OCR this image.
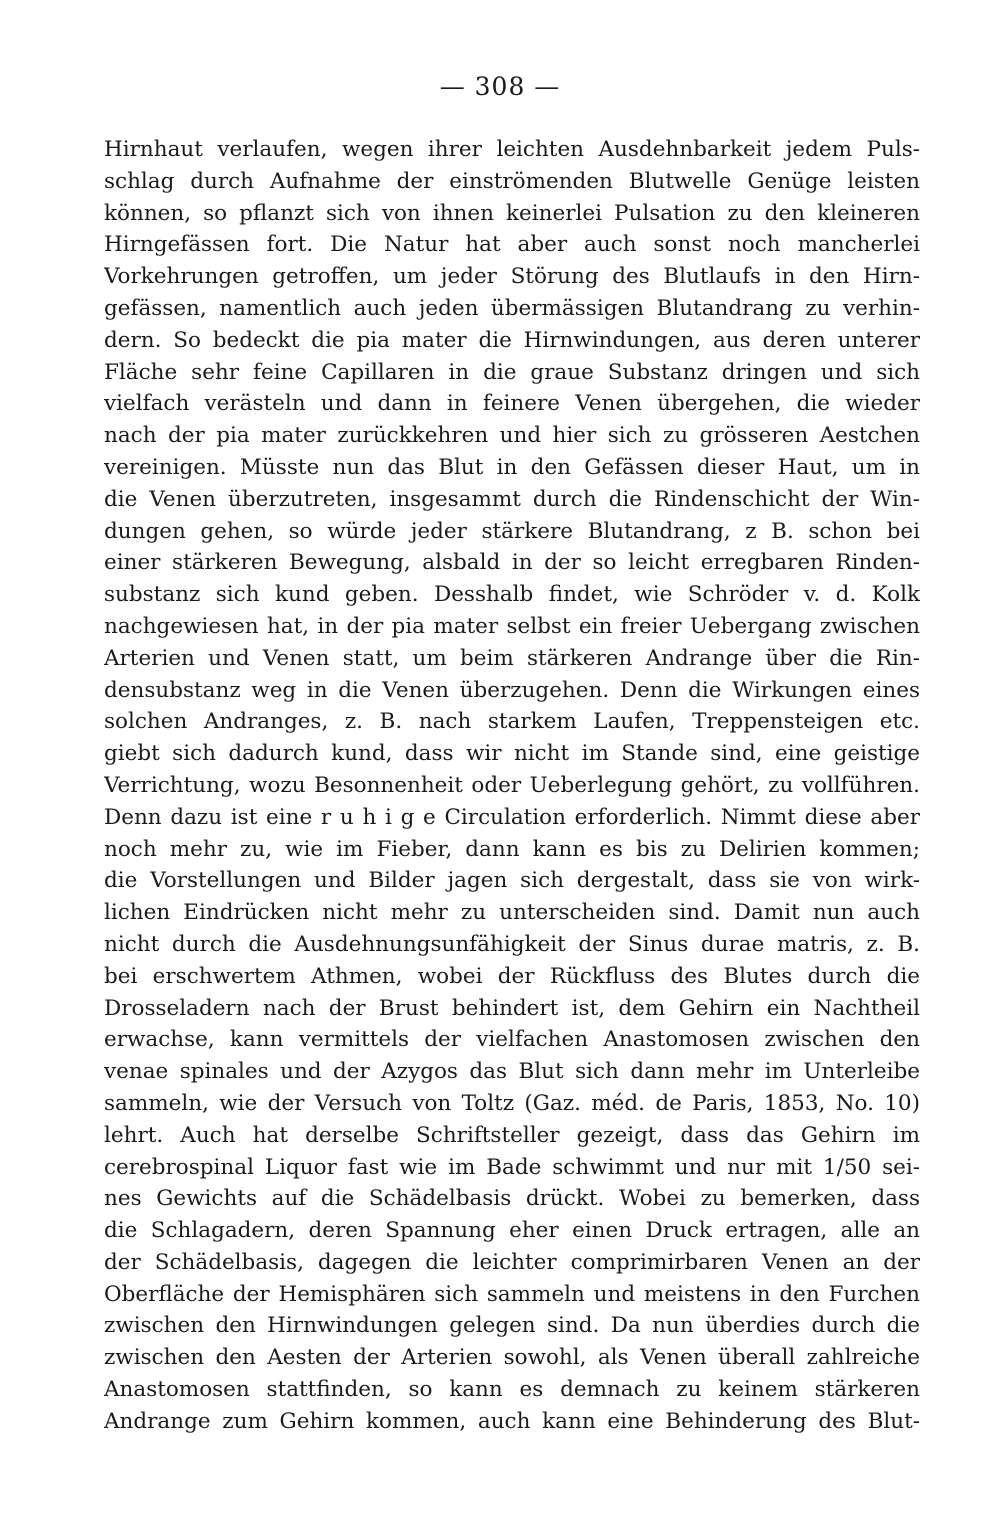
— 308 —
Hirnhaut verlaufen, wegen ihrer leichten Ausdehnbarkeit jedem Puls-
schlag durch Aufnahme der einströmenden Blutwelle Genüge leisten
können, so pflanzt sich von ihnen keinerlei Pulsation zu den kleineren
Hirngefässen fort. Die Natur hat aber auch sonst noch mancherlei
Vorkehrungen getroffen, um jeder Störung des Blutlaufs in den Hirn-
gefässen, namentlich auch jeden übermässigen Blutandrang zu verhin-
dern. So bedeckt die pia mater die Hirnwindungen, aus deren unterer
Fläche sehr feine Capillaren in die graue Substanz dringen und sich
vielfach verästeln und dann in feinere Venen übergehen, die wieder
nach der pia mater zurückkehren und hier sich zu grösseren Aestchen
vereinigen. Müsste nun das Blut in den Gefässen dieser Haut, um in
die Venen überzutreten, insgesammt durch die Rindenschicht der Win-
dungen gehen, so würde jeder stärkere Blutandrang, z B. schon bei
einer stärkeren Bewegung, alsbald in der so leicht erregbaren Rinden-
substanz sich kund geben. Desshalb findet, wie Schröder v. d. Kolk
nachgewiesen hat, in der pia mater selbst ein freier Uebergang zwischen
Arterien und Venen statt, um beim stärkeren Andrange über die Rin-
densubstanz weg in die Venen überzugehen. Denn die Wirkungen eines
solchen Andranges, z. B. nach starkem Laufen, Treppensteigen etc.
giebt sich dadurch kund, dass wir nicht im Stande sind, eine geistige
Verrichtung, wozu Besonnenheit oder Ueberlegung gehört, zu vollführen.
Denn dazu ist eine r u h i g e Circulation erforderlich. Nimmt diese aber
noch mehr zu, wie im Fieber, dann kann es bis zu Delirien kommen;
die Vorstellungen und Bilder jagen sich dergestalt, dass sie von wirk-
lichen Eindrücken nicht mehr zu unterscheiden sind. Damit nun auch
nicht durch die Ausdehnungsunfähigkeit der Sinus durae matris, z. B.
bei erschwertem Athmen, wobei der Rückfluss des Blutes durch die
Drosseladern nach der Brust behindert ist, dem Gehirn ein Nachtheil
erwachse, kann vermittels der vielfachen Anastomosen zwischen den
venae spinales und der Azygos das Blut sich dann mehr im Unterleibe
sammeln, wie der Versuch von Toltz (Gaz. méd. de Paris, 1853, No. 10)
lehrt. Auch hat derselbe Schriftsteller gezeigt, dass das Gehirn im
cerebrospinal Liquor fast wie im Bade schwimmt und nur mit 1/50 sei-
nes Gewichts auf die Schädelbasis drückt. Wobei zu bemerken, dass
die Schlagadern, deren Spannung eher einen Druck ertragen, alle an
der Schädelbasis, dagegen die leichter comprimirbaren Venen an der
Oberfläche der Hemisphären sich sammeln und meistens in den Furchen
zwischen den Hirnwindungen gelegen sind. Da nun überdies durch die
zwischen den Aesten der Arterien sowohl, als Venen überall zahlreiche
Anastomosen stattfinden, so kann es demnach zu keinem stärkeren
Andrange zum Gehirn kommen, auch kann eine Behinderung des Blut-
